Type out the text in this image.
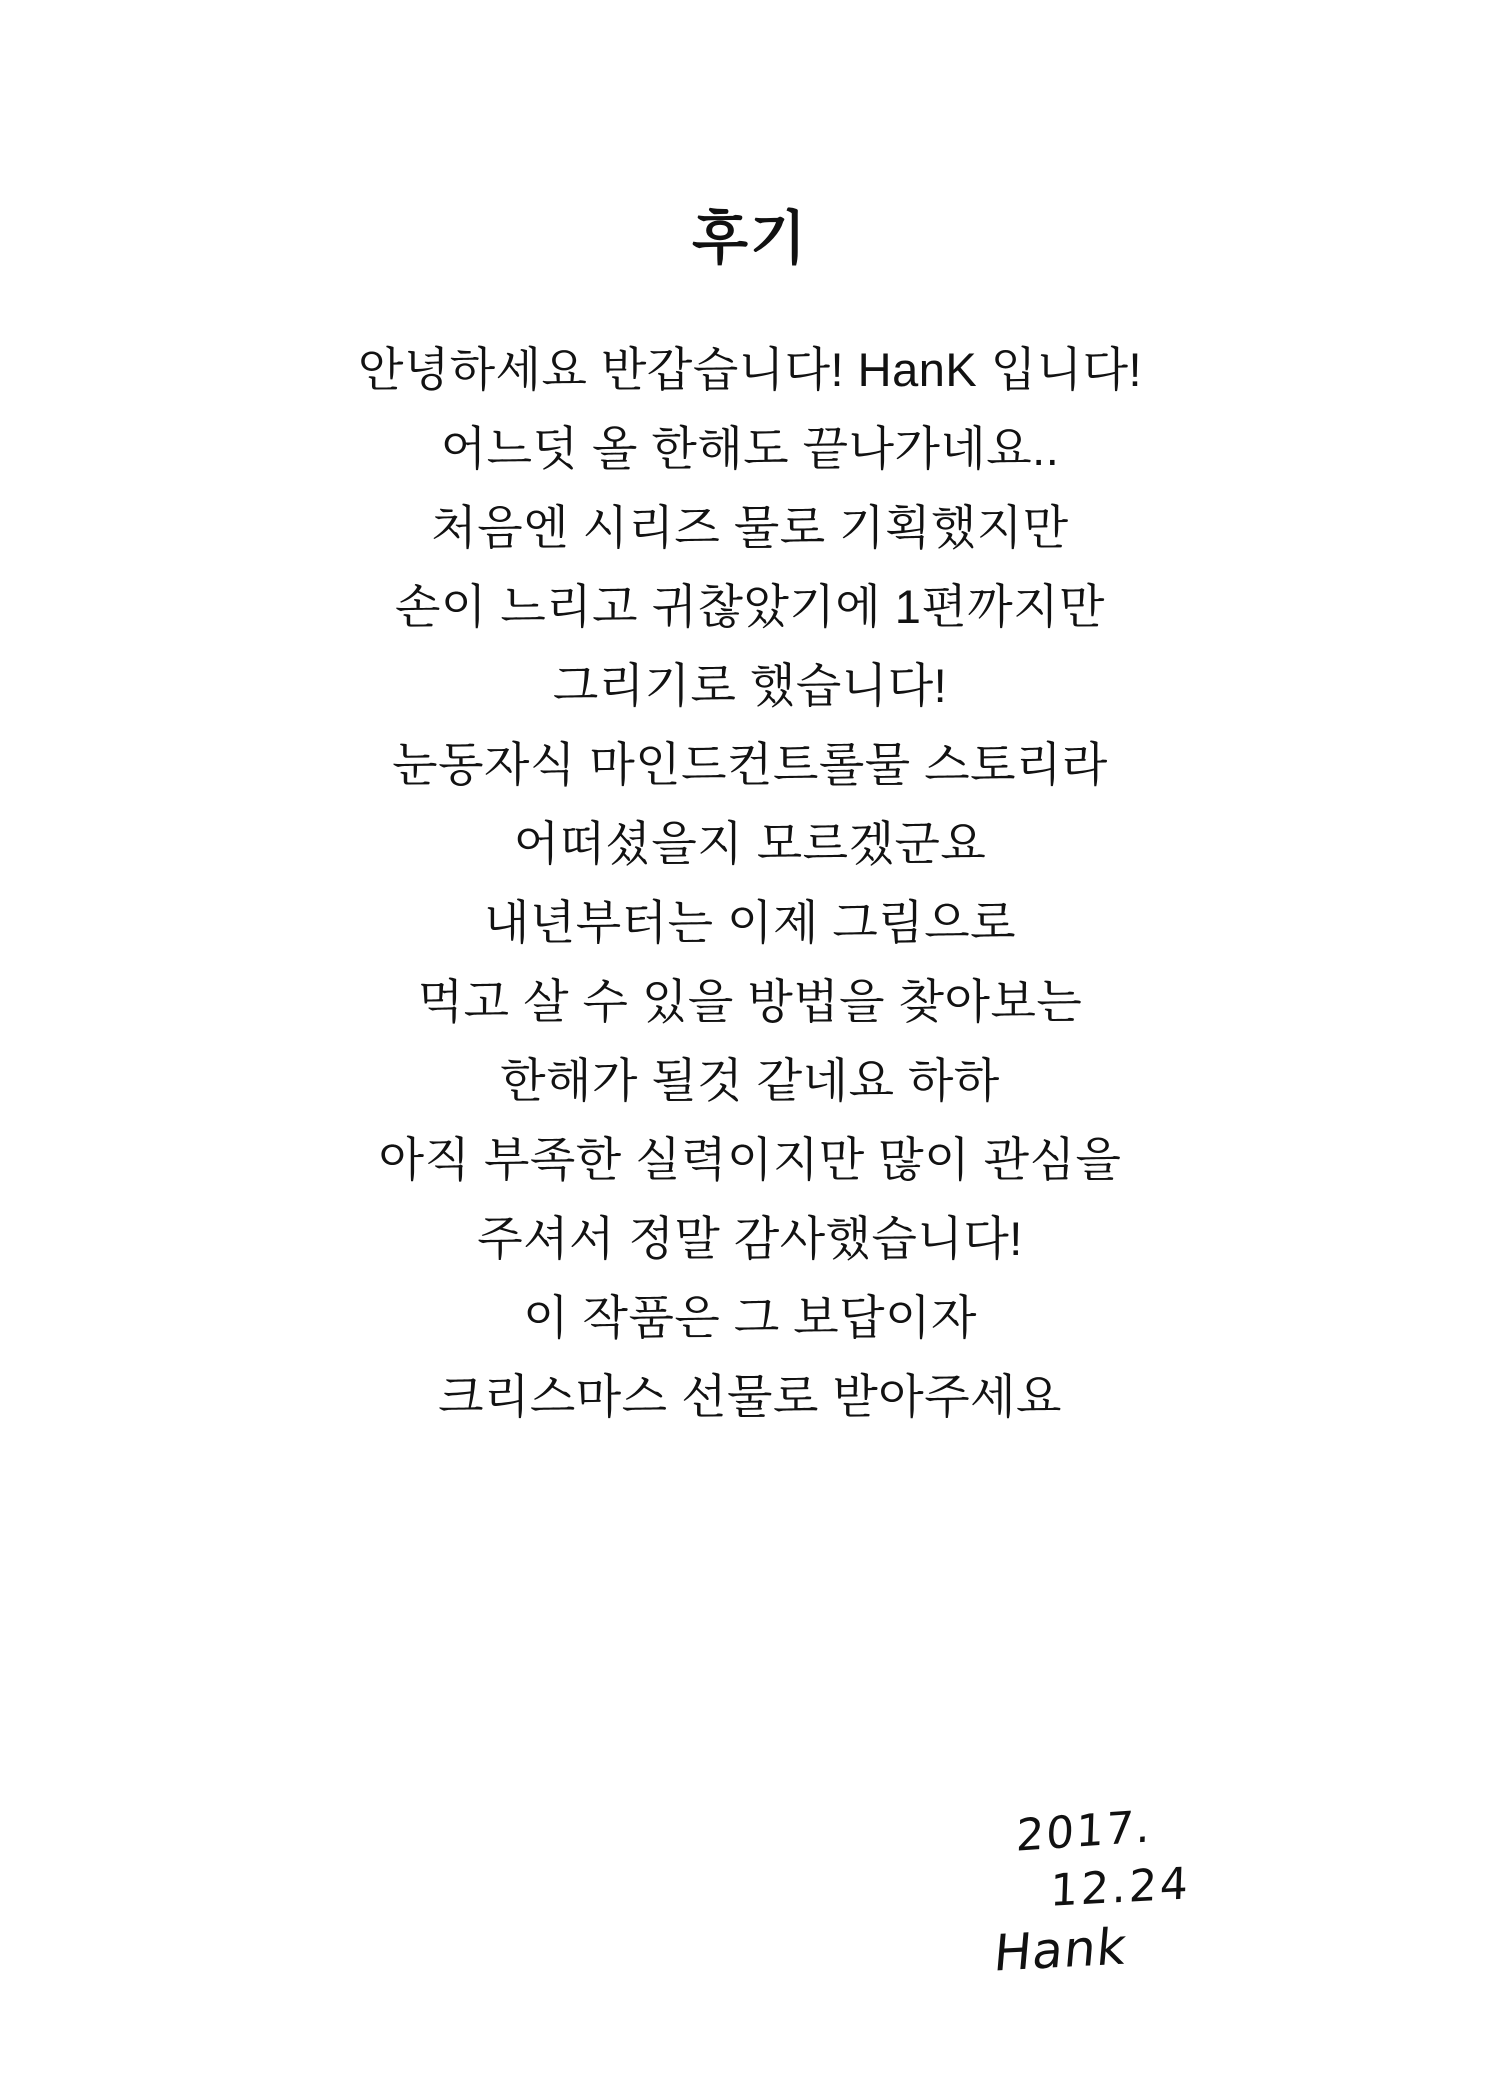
후기

안녕하세요 반갑습니다! HanK 입니다!

어느덧 올 한해도 끝나가네요..

처음엔 시리즈 물로 기획했지만

손이 느리고 귀찮았기에 1편까지만

그리기로 했습니다!

눈동자식 마인드컨트롤물 스토리라

어떠셨을지 모르겠군요

내년부터는 이제 그림으로

먹고 살 수 있을 방법을 찾아보는

한해가 될것 같네요 하하

아직 부족한 실력이지만 많이 관심을

주셔서 정말 감사했습니다!

이 작품은 그 보답이자

크리스마스 선물로 받아주세요

2017.
12.24
Hank
